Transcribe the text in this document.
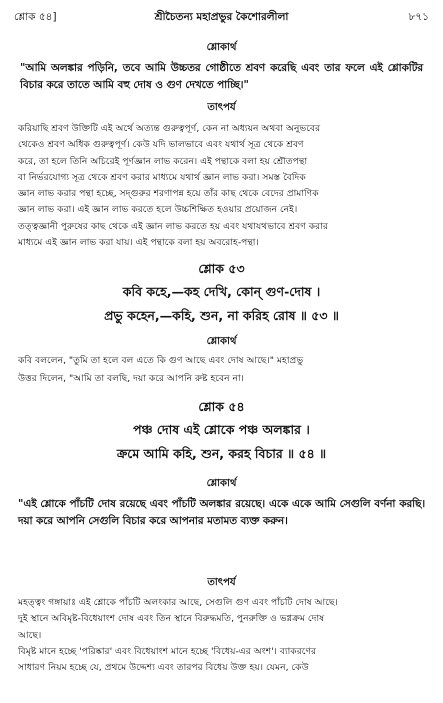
শ্লোক ৫৪]	শ্রীচৈতন্য মহাপ্রভুর কৈশোরলীলা	৮৭১
শ্লোকার্থ
"আমি অলঙ্কার পড়িনি, তবে আমি উচ্চতর গোষ্ঠীতে শ্রবণ করেছি এবং তার ফলে এই শ্লোকটির বিচার করে তাতে আমি বহু দোষ ও গুণ দেখতে পাচ্ছি।"
তাৎপর্য
করিয়াছি শ্রবণ উক্তিটি এই অর্থে অত্যন্ত গুরুত্বপূর্ণ, কেন না অধ্যয়ন অথবা অনুভবের
থেকেও শ্রবণ অধিক গুরুত্বপূর্ণ। কেউ যদি ভালভাবে এবং যথার্থ সূত্র থেকে শ্রবণ
করে, তা হলে তিনি অচিরেই পূর্ণজ্ঞান লাভ করেন। এই পন্থাকে বলা হয় শ্রৌতপন্থা
বা নির্ভরযোগ্য সূত্র থেকে শ্রবণ করার মাধ্যমে যথার্থ জ্ঞান লাভ করা। সমস্ত বৈদিক
জ্ঞান লাভ করার পন্থা হচ্ছে, সদ্গুরুর শরণাপন্ন হয়ে তাঁর কাছ থেকে বেদের প্রামাণিক
জ্ঞান লাভ করা। এই জ্ঞান লাভ করতে হলে উচ্চশিক্ষিত হওয়ার প্রয়োজন নেই।
তত্ত্বজ্ঞানী পুরুষের কাছ থেকে এই জ্ঞান লাভ করতে হয় এবং যথাযথভাবে শ্রবণ করার
মাধ্যমে এই জ্ঞান লাভ করা যায়। এই পন্থাকে বলা হয় অবরোহ-পন্থা।
শ্লোক ৫৩
কবি কহে,—কহ দেখি, কোন্ গুণ-দোষ ।
প্রভু কহেন,—কহি, শুন, না করিহ রোষ ॥ ৫৩ ॥
শ্লোকার্থ
কবি বললেন, "তুমি তা হলে বল এতে কি গুণ আছে এবং দোষ আছে।" মহাপ্রভু
উত্তর দিলেন, "আমি তা বলছি, দয়া করে আপনি রুষ্ট হবেন না।
শ্লোক ৫৪
পঞ্চ দোষ এই শ্লোকে পঞ্চ অলঙ্কার ।
ক্রমে আমি কহি, শুন, করহ বিচার ॥ ৫৪ ॥
শ্লোকার্থ
"এই শ্লোকে পাঁচটি দোষ রয়েছে এবং পাঁচটি অলঙ্কার রয়েছে। একে একে আমি সেগুলি বর্ণনা করছি। দয়া করে আপনি সেগুলি বিচার করে আপনার মতামত ব্যক্ত করুন।
তাৎপর্য
মহত্ত্বং গঙ্গায়াঃ এই শ্লোকে পাঁচটি অলংকার আছে, সেগুলি গুণ এবং পাঁচটি দোষ আছে।
দুই স্থানে অবিমৃষ্ট-বিধেয়াংশ দোষ এবং তিন স্থানে বিরুদ্ধমতি, পুনরুক্তি ও ভগ্নক্রম দোষ
আছে।
বিমৃষ্ট মানে হচ্ছে 'পরিষ্কার' এবং বিধেয়াংশ মানে হচ্ছে 'বিধেয়-এর অংশ'। ব্যাকরণের
সাধারণ নিয়ম হচ্ছে যে, প্রথমে উদ্দেশ্য এবং তারপর বিধেয় উক্ত হয়। যেমন, কেউ
